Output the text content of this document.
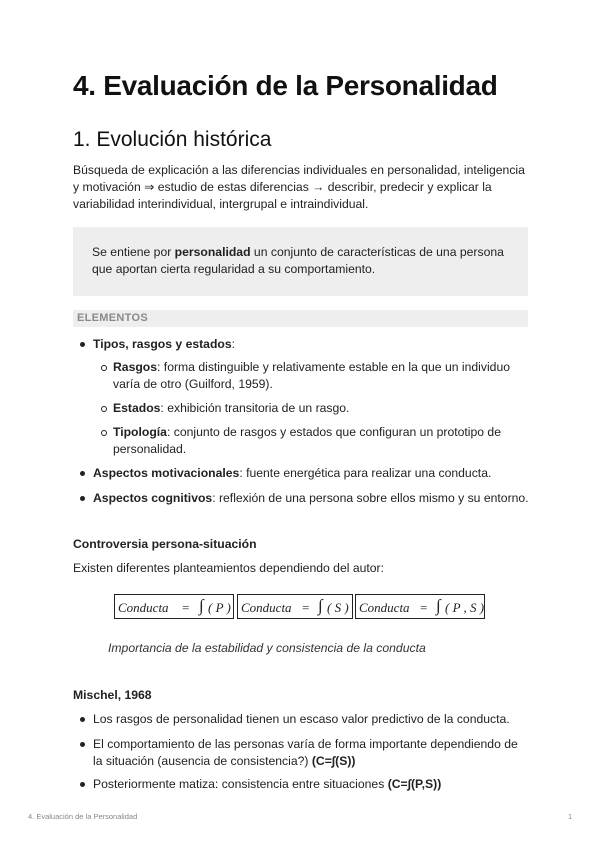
4. Evaluación de la Personalidad
1. Evolución histórica
Búsqueda de explicación a las diferencias individuales en personalidad, inteligencia
y motivación ⇒ estudio de estas diferencias → describir, predecir y explicar la
variabilidad interindividual, intergrupal e intraindividual.
Se entiene por personalidad un conjunto de características de una persona
que aportan cierta regularidad a su comportamiento.
ELEMENTOS
Tipos, rasgos y estados:
Rasgos: forma distinguible y relativamente estable en la que un individuo
varía de otro (Guilford, 1959).
Estados: exhibición transitoria de un rasgo.
Tipología: conjunto de rasgos y estados que configuran un prototipo de
personalidad.
Aspectos motivacionales: fuente energética para realizar una conducta.
Aspectos cognitivos: reflexión de una persona sobre ellos mismo y su entorno.
Controversia persona-situación
Existen diferentes planteamientos dependiendo del autor:
Conducta = ∫ ( P ) Conducta = ∫ ( S ) Conducta = ∫ ( P , S )
Importancia de la estabilidad y consistencia de la conducta
Mischel, 1968
Los rasgos de personalidad tienen un escaso valor predictivo de la conducta.
El comportamiento de las personas varía de forma importante dependiendo de
la situación (ausencia de consistencia?) (C=∫(S))
Posteriormente matiza: consistencia entre situaciones (C=∫(P,S))
4. Evaluación de la Personalidad	1
